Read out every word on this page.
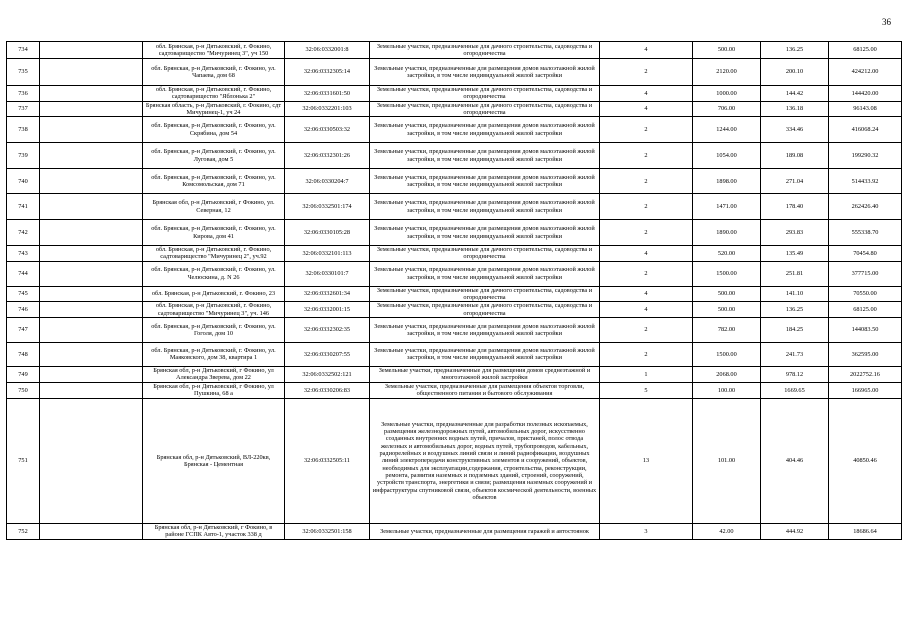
36
734		обл. Брянская, р-н Дятьковский, г. Фокино, садтоварищество "Мичуринец 3", уч 150	32:06:0332001:8	Земельные участки, предназначенные для дачного строительства, садоводства и огородничества	4	500.00	136.25	68125.00
735		обл. Брянская, р-н Дятьковский, г. Фокино, ул. Чапаева, дом 68	32:06:0332305:14	Земельные участки, предназначенные для размещения домов малоэтажной жилой застройки, в том числе индивидуальной жилой застройки	2	2120.00	200.10	424212.00
736		обл. Брянская, р-н Дятьковский, г. Фокино, садтоварищество "Яблонька 2"	32:06:0331601:50	Земельные участки, предназначенные для дачного строительства, садоводства и огородничества	4	1000.00	144.42	144420.00
737		Брянская область, р-н Дятьковский, г. Фокино, сдт Мичуринец-1, уч 24	32:06:0332201:103	Земельные участки, предназначенные для дачного строительства, садоводства и огородничества	4	706.00	136.18	96143.08
738		обл. Брянская, р-н Дятьковский, г. Фокино, ул. Скрябина, дом 54	32:06:0330503:32	Земельные участки, предназначенные для размещения домов малоэтажной жилой застройки, в том числе индивидуальной жилой застройки	2	1244.00	334.46	416068.24
739		обл. Брянская, р-н Дятьковский, г. Фокино, ул. Луговая, дом 5	32:06:0332301:26	Земельные участки, предназначенные для размещения домов малоэтажной жилой застройки, в том числе индивидуальной жилой застройки	2	1054.00	189.08	199290.32
740		обл. Брянская, р-н Дятьковский, г. Фокино, ул. Комсомольская, дом 71	32:06:0330204:7	Земельные участки, предназначенные для размещения домов малоэтажной жилой застройки, в том числе индивидуальной жилой застройки	2	1898.00	271.04	514433.92
741		Брянская обл, р-н Дятьковский, г Фокино, ул. Северная, 12	32:06:0332501:174	Земельные участки, предназначенные для размещения домов малоэтажной жилой застройки, в том числе индивидуальной жилой застройки	2	1471.00	178.40	262426.40
742		обл. Брянская, р-н Дятьковский, г. Фокино, ул. Кирова, дом 41	32:06:0330105:28	Земельные участки, предназначенные для размещения домов малоэтажной жилой застройки, в том числе индивидуальной жилой застройки	2	1890.00	293.83	555338.70
743		обл. Брянская, р-н Дятьковский, г. Фокино, садтоварищество "Мичуринец 2", уч.92	32:06:0332101:113	Земельные участки, предназначенные для дачного строительства, садоводства и огородничества	4	520.00	135.49	70454.80
744		обл. Брянская, р-н Дятьковский, г. Фокино, ул. Челюскина, д. N 26	32:06:0330101:7	Земельные участки, предназначенные для размещения домов малоэтажной жилой застройки, в том числе индивидуальной жилой застройки	2	1500.00	251.81	377715.00
745		обл. Брянская, р-н Дятьковский, г. Фокино, 23	32:06:0332601:34	Земельные участки, предназначенные для дачного строительства, садоводства и огородничества	4	500.00	141.10	70550.00
746		обл. Брянская, р-н Дятьковский, г. Фокино, садтоварищество "Мичуринец 3", уч. 146	32:06:0332001:15	Земельные участки, предназначенные для дачного строительства, садоводства и огородничества	4	500.00	136.25	68125.00
747		обл. Брянская, р-н Дятьковский, г. Фокино, ул. Гоголя, дом 10	32:06:0332302:35	Земельные участки, предназначенные для размещения домов малоэтажной жилой застройки, в том числе индивидуальной жилой застройки	2	782.00	184.25	144083.50
748		обл. Брянская, р-н Дятьковский, г. Фокино, ул. Маяковского, дом 38, квартира 1	32:06:0330207:55	Земельные участки, предназначенные для размещения домов малоэтажной жилой застройки, в том числе индивидуальной жилой застройки	2	1500.00	241.73	362595.00
749		Брянская обл, р-н Дятьковский, г Фокино, ул Александра Зверева, дом 22	32:06:0332502:121	Земельные участки, предназначенные для размещения домов среднеэтажной и многоэтажной жилой застройки	1	2068.00	978.12	2022752.16
750		Брянская обл, р-н Дятьковский, г Фокино, ул Пушкина, 68 а	32:06:0330206:83	Земельные участки, предназначенные для размещения объектов торговли, общественного питания и бытового обслуживания	5	100.00	1669.65	166965.00
751		Брянская обл, р-н Дятьковский, ВЛ-220кв, Брянская - Цементная	32:06:0332505:11	Земельные участки, предназначенные для разработки полезных ископаемых, размещения железнодорожных путей, автомобильных дорог, искусственно созданных внутренних водных путей, причалов, пристаней, полос отвода железных и автомобильных дорог, водных путей, трубопроводов, кабельных, радиорелейных и воздушных линий связи и линий радиофикации, воздушных линий электропередачи конструктивных элементов и сооружений, объектов, необходимых для эксплуатации,содержания, строительства, реконструкции, ремонта, развития наземных и подземных зданий, строений, сооружений, устройств транспорта, энергетики и связи; размещения наземных сооружений и инфраструктуры спутниковой связи, объектов космической деятельности, военных объектов	13	101.00	404.46	40850.46
752		Брянская обл, р-н Дятьковский, г Фокино, в районе ГСПК Авто-1, участок 338 д	32:06:0332501:158	Земельные участки, предназначенные для размещения гаражей и автостоянок	3	42.00	444.92	18686.64
